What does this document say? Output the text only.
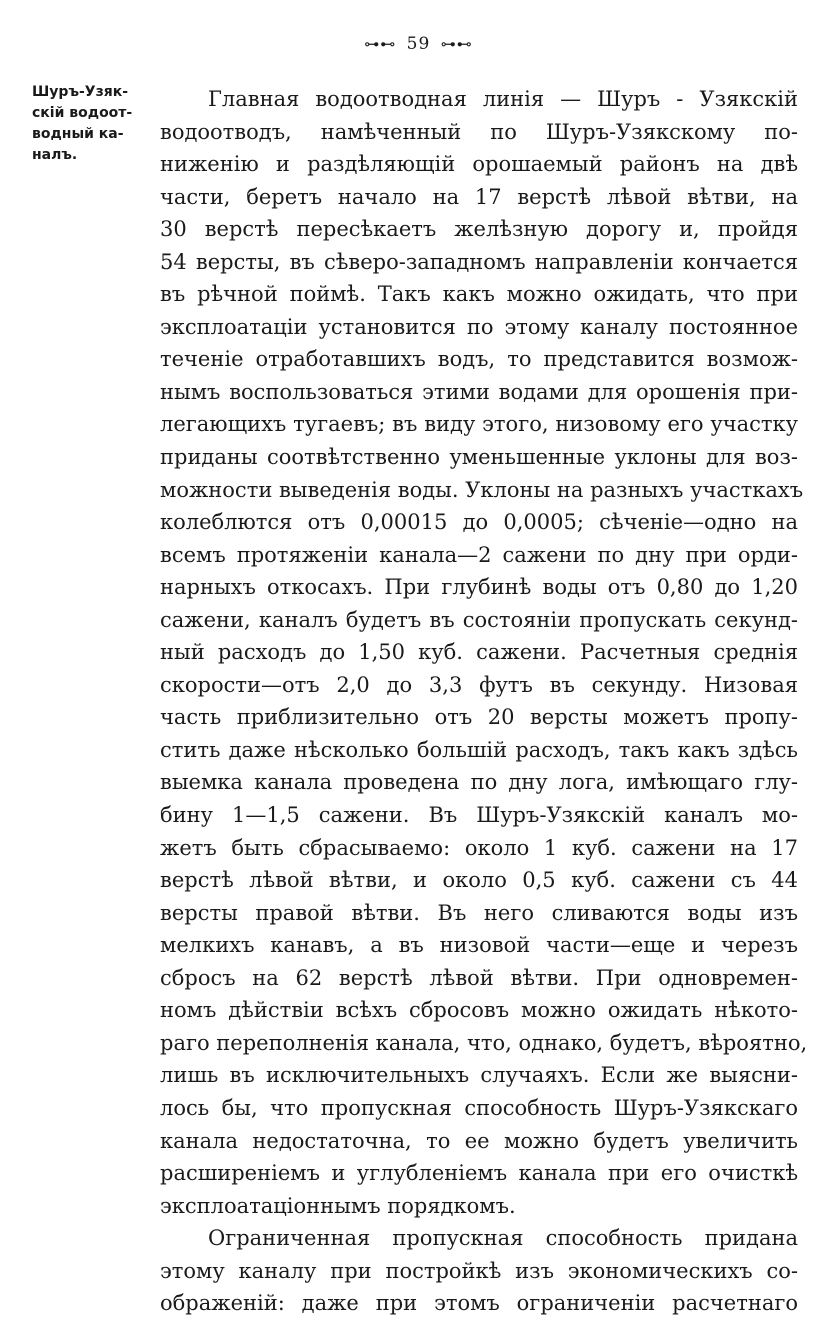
⊶⊷ 59 ⊶⊷
Шуръ-Узяк-
скій водоот-
водный ка-
налъ.
Главная водоотводная линія — Шуръ - Узякскій
водоотводъ, намѣченный по Шуръ-Узякскому по-
ниженію и раздѣляющій орошаемый районъ на двѣ
части, беретъ начало на 17 верстѣ лѣвой вѣтви, на
30 верстѣ пересѣкаетъ желѣзную дорогу и, пройдя
54 версты, въ сѣверо-западномъ направленіи кончается
въ рѣчной поймѣ. Такъ какъ можно ожидать, что при
эксплоатаціи установится по этому каналу постоянное
теченіе отработавшихъ водъ, то представится возмож-
нымъ воспользоваться этими водами для орошенія при-
легающихъ тугаевъ; въ виду этого, низовому его участку
приданы соотвѣтственно уменьшенные уклоны для воз-
можности выведенія воды. Уклоны на разныхъ участкахъ
колеблются отъ 0,00015 до 0,0005; сѣченіе—одно на
всемъ протяженіи канала—2 сажени по дну при орди-
нарныхъ откосахъ. При глубинѣ воды отъ 0,80 до 1,20
сажени, каналъ будетъ въ состояніи пропускать секунд-
ный расходъ до 1,50 куб. сажени. Расчетныя среднія
скорости—отъ 2,0 до 3,3 футъ въ секунду. Низовая
часть приблизительно отъ 20 версты можетъ пропу-
стить даже нѣсколько большій расходъ, такъ какъ здѣсь
выемка канала проведена по дну лога, имѣющаго глу-
бину 1—1,5 сажени. Въ Шуръ-Узякскій каналъ мо-
жетъ быть сбрасываемо: около 1 куб. сажени на 17
верстѣ лѣвой вѣтви, и около 0,5 куб. сажени съ 44
версты правой вѣтви. Въ него сливаются воды изъ
мелкихъ канавъ, а въ низовой части—еще и черезъ
сбросъ на 62 верстѣ лѣвой вѣтви. При одновремен-
номъ дѣйствіи всѣхъ сбросовъ можно ожидать нѣкото-
раго переполненія канала, что, однако, будетъ, вѣроятно,
лишь въ исключительныхъ случаяхъ. Если же выясни-
лось бы, что пропускная способность Шуръ-Узякскаго
канала недостаточна, то ее можно будетъ увеличить
расширеніемъ и углубленіемъ канала при его очисткѣ
эксплоатаціоннымъ порядкомъ.
Ограниченная пропускная способность придана
этому каналу при постройкѣ изъ экономическихъ со-
ображеній: даже при этомъ ограниченіи расчетнаго
